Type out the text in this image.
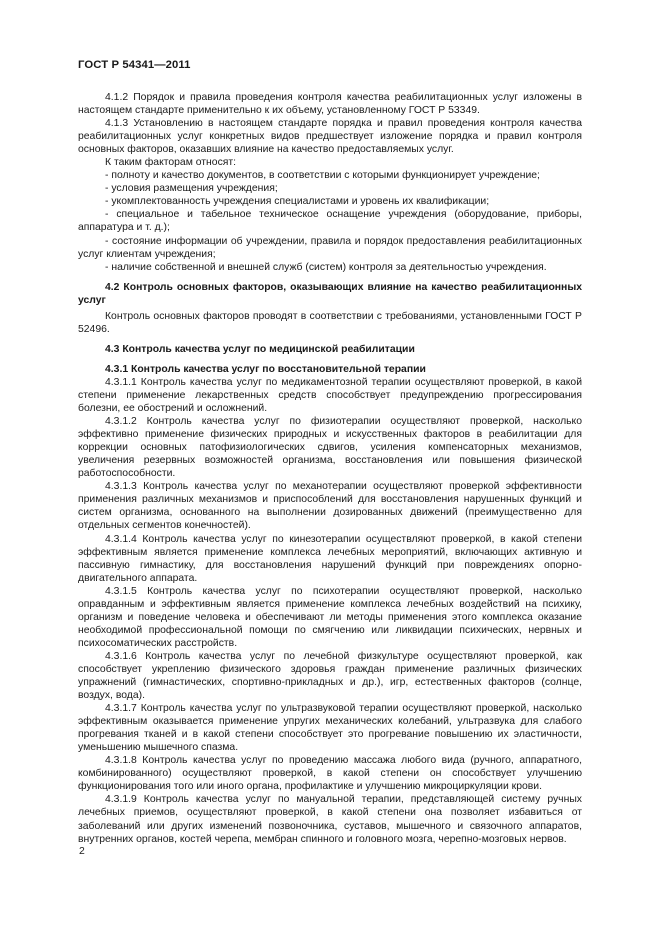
ГОСТ Р 54341—2011

4.1.2 Порядок и правила проведения контроля качества реабилитационных услуг изложены в настоящем стандарте применительно к их объему, установленному ГОСТ Р 53349.

4.1.3 Установлению в настоящем стандарте порядка и правил проведения контроля качества реабилитационных услуг конкретных видов предшествует изложение порядка и правил контроля основных факторов, оказавших влияние на качество предоставляемых услуг.

К таким факторам относят:

- полноту и качество документов, в соответствии с которыми функционирует учреждение;

- условия размещения учреждения;

- укомплектованность учреждения специалистами и уровень их квалификации;

- специальное и табельное техническое оснащение учреждения (оборудование, приборы, аппаратура и т. д.);

- состояние информации об учреждении, правила и порядок предоставления реабилитационных услуг клиентам учреждения;

- наличие собственной и внешней служб (систем) контроля за деятельностью учреждения.

4.2 Контроль основных факторов, оказывающих влияние на качество реабилитационных услуг

Контроль основных факторов проводят в соответствии с требованиями, установленными ГОСТ Р 52496.

4.3 Контроль качества услуг по медицинской реабилитации

4.3.1 Контроль качества услуг по восстановительной терапии

4.3.1.1 Контроль качества услуг по медикаментозной терапии осуществляют проверкой, в какой степени применение лекарственных средств способствует предупреждению прогрессирования болезни, ее обострений и осложнений.

4.3.1.2 Контроль качества услуг по физиотерапии осуществляют проверкой, насколько эффективно применение физических природных и искусственных факторов в реабилитации для коррекции основных патофизиологических сдвигов, усиления компенсаторных механизмов, увеличения резервных возможностей организма, восстановления или повышения физической работоспособности.

4.3.1.3 Контроль качества услуг по механотерапии осуществляют проверкой эффективности применения различных механизмов и приспособлений для восстановления нарушенных функций и систем организма, основанного на выполнении дозированных движений (преимущественно для отдельных сегментов конечностей).

4.3.1.4 Контроль качества услуг по кинезотерапии осуществляют проверкой, в какой степени эффективным является применение комплекса лечебных мероприятий, включающих активную и пассивную гимнастику, для восстановления нарушений функций при повреждениях опорно-двигательного аппарата.

4.3.1.5 Контроль качества услуг по психотерапии осуществляют проверкой, насколько оправданным и эффективным является применение комплекса лечебных воздействий на психику, организм и поведение человека и обеспечивают ли методы применения этого комплекса оказание необходимой профессиональной помощи по смягчению или ликвидации психических, нервных и психосоматических расстройств.

4.3.1.6 Контроль качества услуг по лечебной физкультуре осуществляют проверкой, как способствует укреплению физического здоровья граждан применение различных физических упражнений (гимнастических, спортивно-прикладных и др.), игр, естественных факторов (солнце, воздух, вода).

4.3.1.7 Контроль качества услуг по ультразвуковой терапии осуществляют проверкой, насколько эффективным оказывается применение упругих механических колебаний, ультразвука для слабого прогревания тканей и в какой степени способствует это прогревание повышению их эластичности, уменьшению мышечного спазма.

4.3.1.8 Контроль качества услуг по проведению массажа любого вида (ручного, аппаратного, комбинированного) осуществляют проверкой, в какой степени он способствует улучшению функционирования того или иного органа, профилактике и улучшению микроциркуляции крови.

4.3.1.9 Контроль качества услуг по мануальной терапии, представляющей систему ручных лечебных приемов, осуществляют проверкой, в какой степени она позволяет избавиться от заболеваний или других изменений позвоночника, суставов, мышечного и связочного аппаратов, внутренних органов, костей черепа, мембран спинного и головного мозга, черепно-мозговых нервов.

2
